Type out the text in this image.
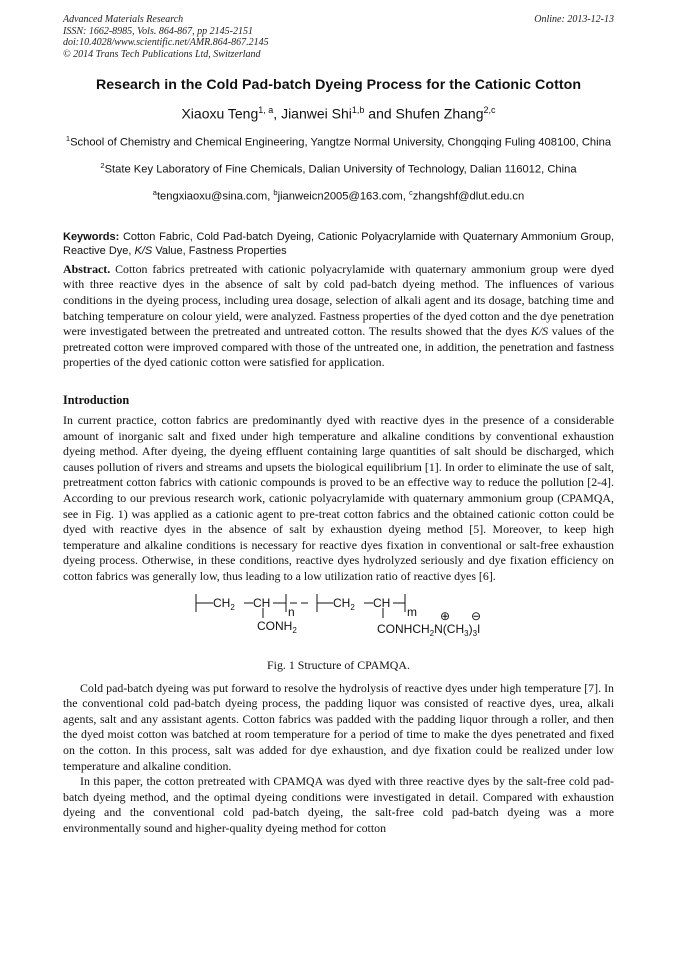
Advanced Materials Research
ISSN: 1662-8985, Vols. 864-867, pp 2145-2151
doi:10.4028/www.scientific.net/AMR.864-867.2145
© 2014 Trans Tech Publications Ltd, Switzerland
Online: 2013-12-13
Research in the Cold Pad-batch Dyeing Process for the Cationic Cotton
Xiaoxu Teng$^{1, a}$, Jianwei Shi$^{1,b}$ and Shufen Zhang$^{2,c}$
$^1$School of Chemistry and Chemical Engineering, Yangtze Normal University, Chongqing Fuling 408100, China
$^2$State Key Laboratory of Fine Chemicals, Dalian University of Technology, Dalian 116012, China
$^a$tengxiaoxu@sina.com, $^b$jianweicn2005@163.com, $^c$zhangshf@dlut.edu.cn
Keywords: Cotton Fabric, Cold Pad-batch Dyeing, Cationic Polyacrylamide with Quaternary Ammonium Group, Reactive Dye, K/S Value, Fastness Properties
Abstract. Cotton fabrics pretreated with cationic polyacrylamide with quaternary ammonium group were dyed with three reactive dyes in the absence of salt by cold pad-batch dyeing method. The influences of various conditions in the dyeing process, including urea dosage, selection of alkali agent and its dosage, batching time and batching temperature on colour yield, were analyzed. Fastness properties of the dyed cotton and the dye penetration were investigated between the pretreated and untreated cotton. The results showed that the dyes K/S values of the pretreated cotton were improved compared with those of the untreated one, in addition, the penetration and fastness properties of the dyed cationic cotton were satisfied for application.
Introduction
In current practice, cotton fabrics are predominantly dyed with reactive dyes in the presence of a considerable amount of inorganic salt and fixed under high temperature and alkaline conditions by conventional exhaustion dyeing method. After dyeing, the dyeing effluent containing large quantities of salt should be discharged, which causes pollution of rivers and streams and upsets the biological equilibrium [1]. In order to eliminate the use of salt, pretreatment cotton fabrics with cationic compounds is proved to be an effective way to reduce the pollution [2-4]. According to our previous research work, cationic polyacrylamide with quaternary ammonium group (CPAMQA, see in Fig. 1) was applied as a cationic agent to pre-treat cotton fabrics and the obtained cationic cotton could be dyed with reactive dyes in the absence of salt by exhaustion dyeing method [5]. Moreover, to keep high temperature and alkaline conditions is necessary for reactive dyes fixation in conventional or salt-free exhaustion dyeing process. Otherwise, in these conditions, reactive dyes hydrolyzed seriously and dye fixation efficiency on cotton fabrics was generally low, thus leading to a low utilization ratio of reactive dyes [6].
$CH_2$ CH
n
$CONH_2$
$CH_2$ CH
m ⊕ ⊖
$CONHCH_2N(CH_3)_3I$
Fig. 1 Structure of CPAMQA.
Cold pad-batch dyeing was put forward to resolve the hydrolysis of reactive dyes under high temperature [7]. In the conventional cold pad-batch dyeing process, the padding liquor was consisted of reactive dyes, urea, alkali agents, salt and any assistant agents. Cotton fabrics was padded with the padding liquor through a roller, and then the dyed moist cotton was batched at room temperature for a period of time to make the dyes penetrated and fixed on the cotton. In this process, salt was added for dye exhaustion, and dye fixation could be realized under low temperature and alkaline condition.
In this paper, the cotton pretreated with CPAMQA was dyed with three reactive dyes by the salt-free cold pad-batch dyeing method, and the optimal dyeing conditions were investigated in detail. Compared with exhaustion dyeing and the conventional cold pad-batch dyeing, the salt-free cold pad-batch dyeing was a more environmentally sound and higher-quality dyeing method for cotton
